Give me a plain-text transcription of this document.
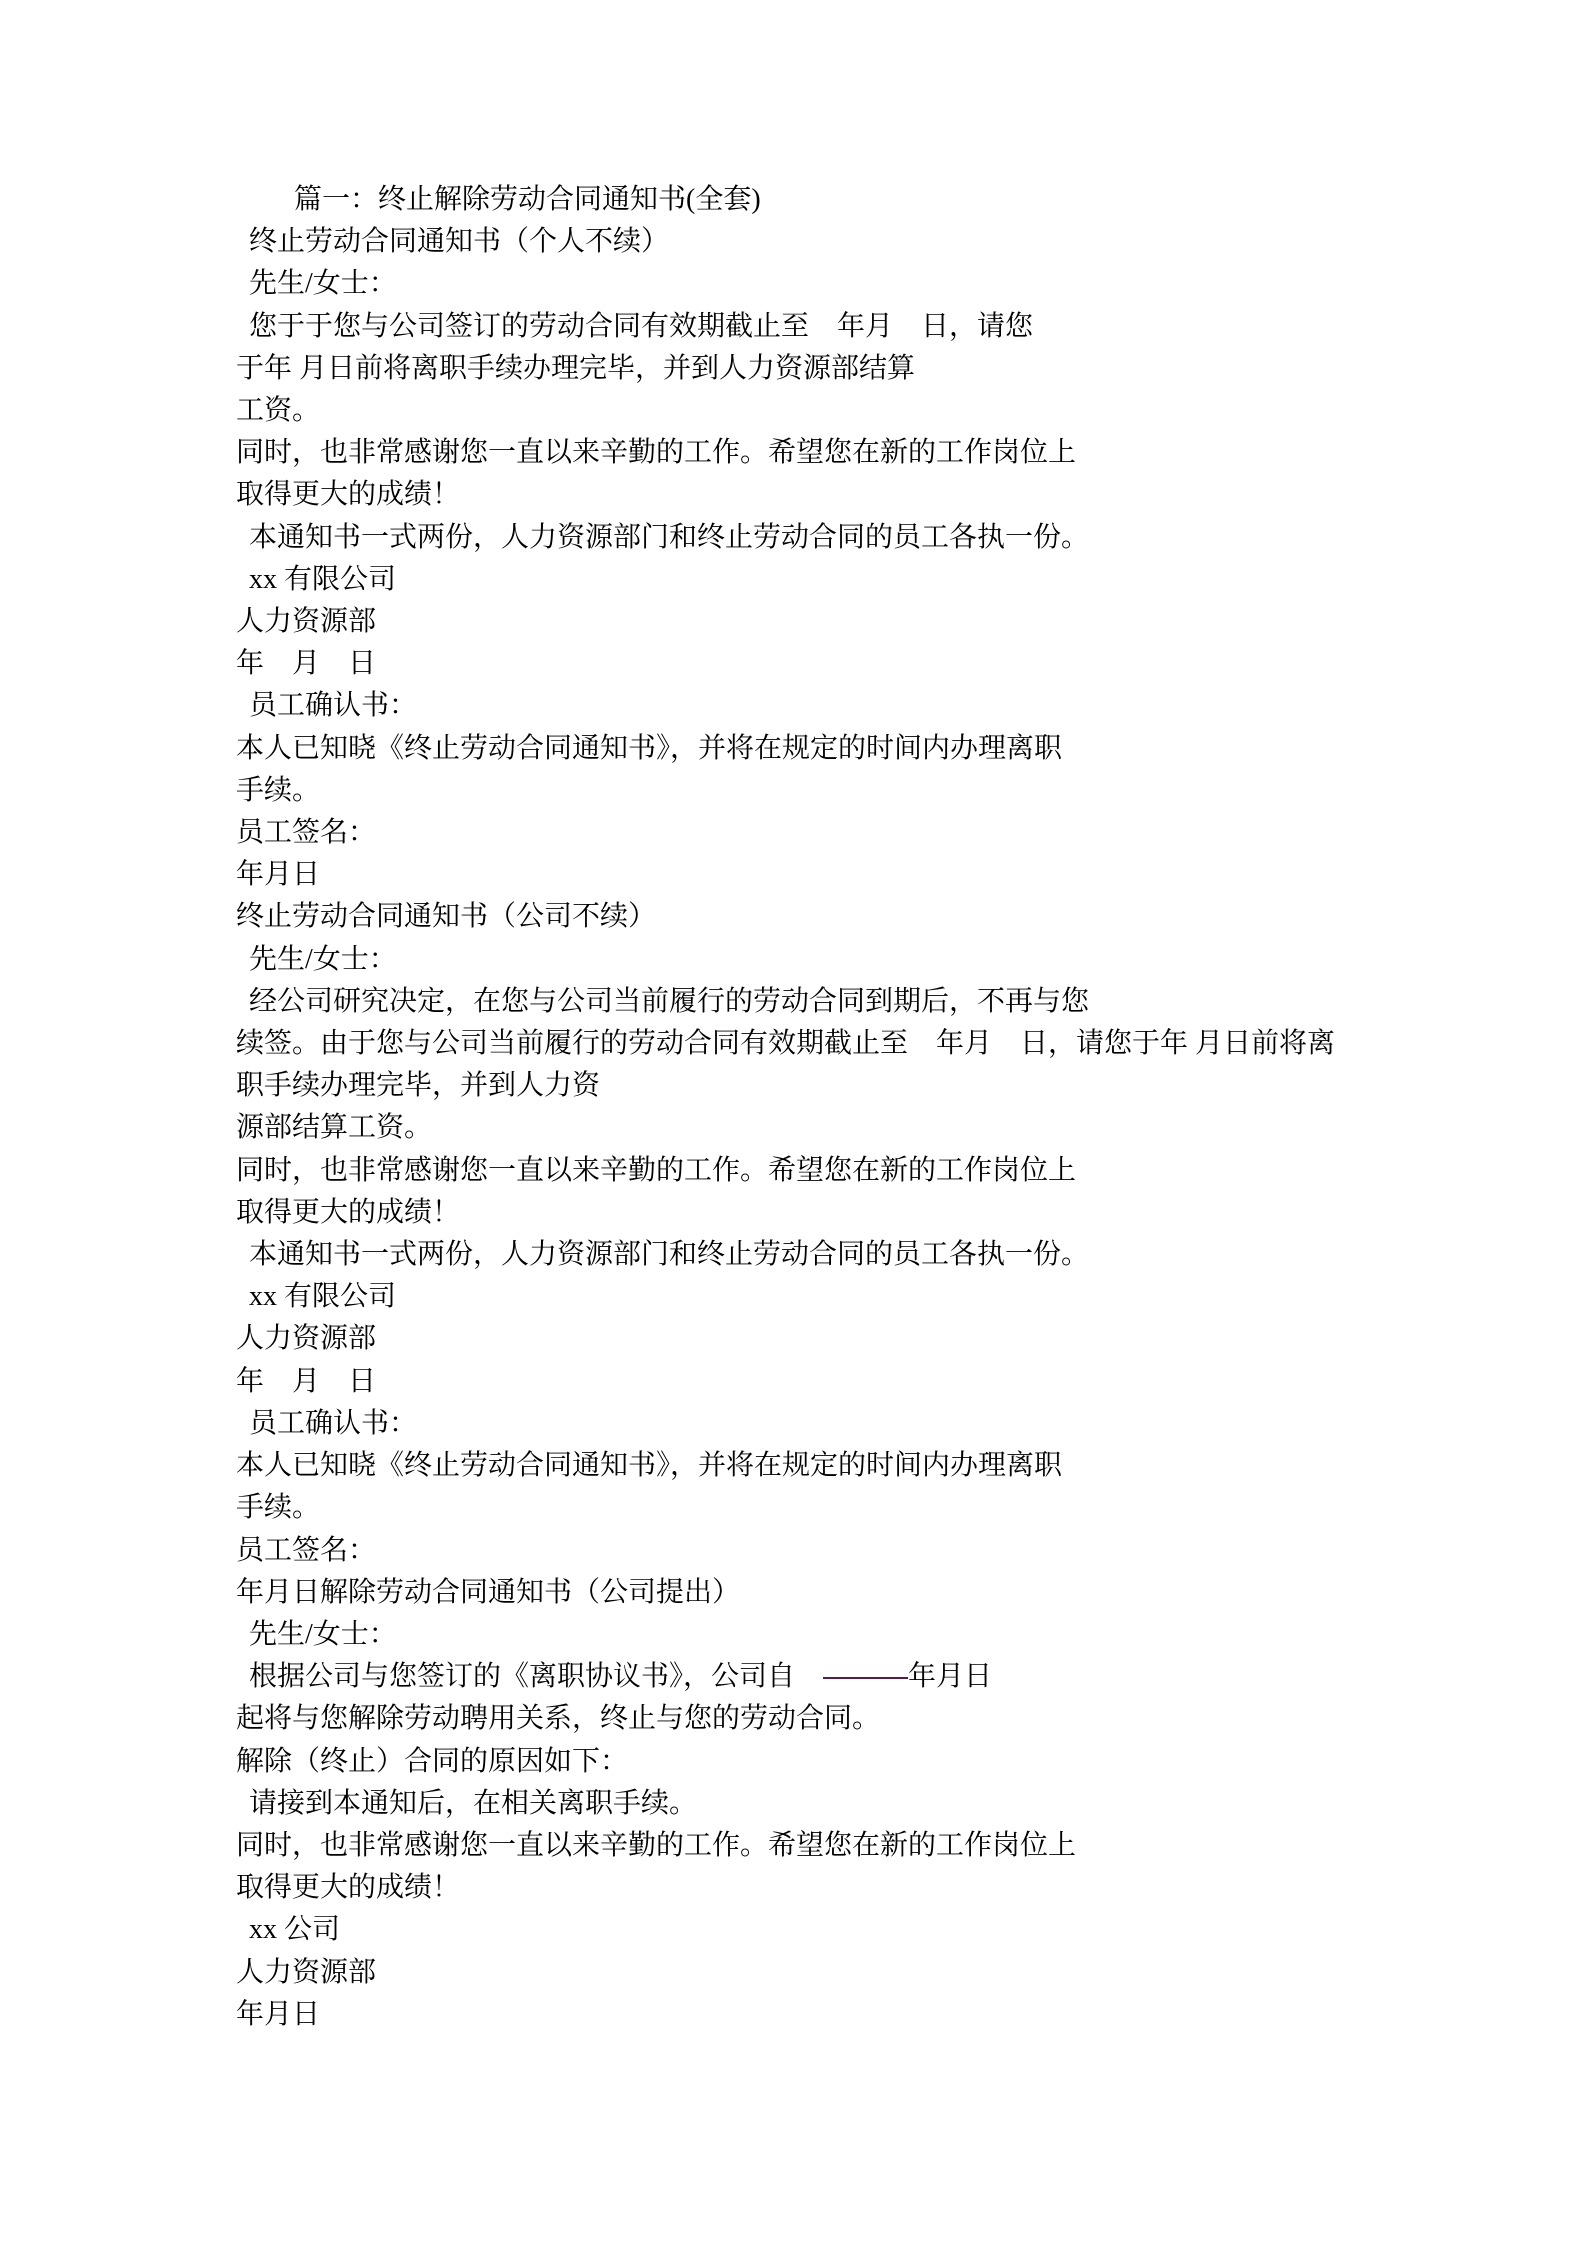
篇一：终止解除劳动合同通知书(全套)
终止劳动合同通知书（个人不续）
先生/女士：
您于于您与公司签订的劳动合同有效期截止至　年月　日，请您
于年 月日前将离职手续办理完毕，并到人力资源部结算
工资。
同时，也非常感谢您一直以来辛勤的工作。希望您在新的工作岗位上
取得更大的成绩！
本通知书一式两份，人力资源部门和终止劳动合同的员工各执一份。
xx 有限公司
人力资源部
年　月　日
员工确认书：
本人已知晓《终止劳动合同通知书》，并将在规定的时间内办理离职
手续。
员工签名：
年月日
终止劳动合同通知书（公司不续）
先生/女士：
经公司研究决定，在您与公司当前履行的劳动合同到期后，不再与您
续签。由于您与公司当前履行的劳动合同有效期截止至　年月　日，请您于年 月日前将离
职手续办理完毕，并到人力资
源部结算工资。
同时，也非常感谢您一直以来辛勤的工作。希望您在新的工作岗位上
取得更大的成绩！
本通知书一式两份，人力资源部门和终止劳动合同的员工各执一份。
xx 有限公司
人力资源部
年　月　日
员工确认书：
本人已知晓《终止劳动合同通知书》，并将在规定的时间内办理离职
手续。
员工签名：
年月日解除劳动合同通知书（公司提出）
先生/女士：
根据公司与您签订的《离职协议书》，公司自　	年月日
起将与您解除劳动聘用关系，终止与您的劳动合同。
解除（终止）合同的原因如下：
请接到本通知后，在相关离职手续。
同时，也非常感谢您一直以来辛勤的工作。希望您在新的工作岗位上
取得更大的成绩！
xx 公司
人力资源部
年月日
